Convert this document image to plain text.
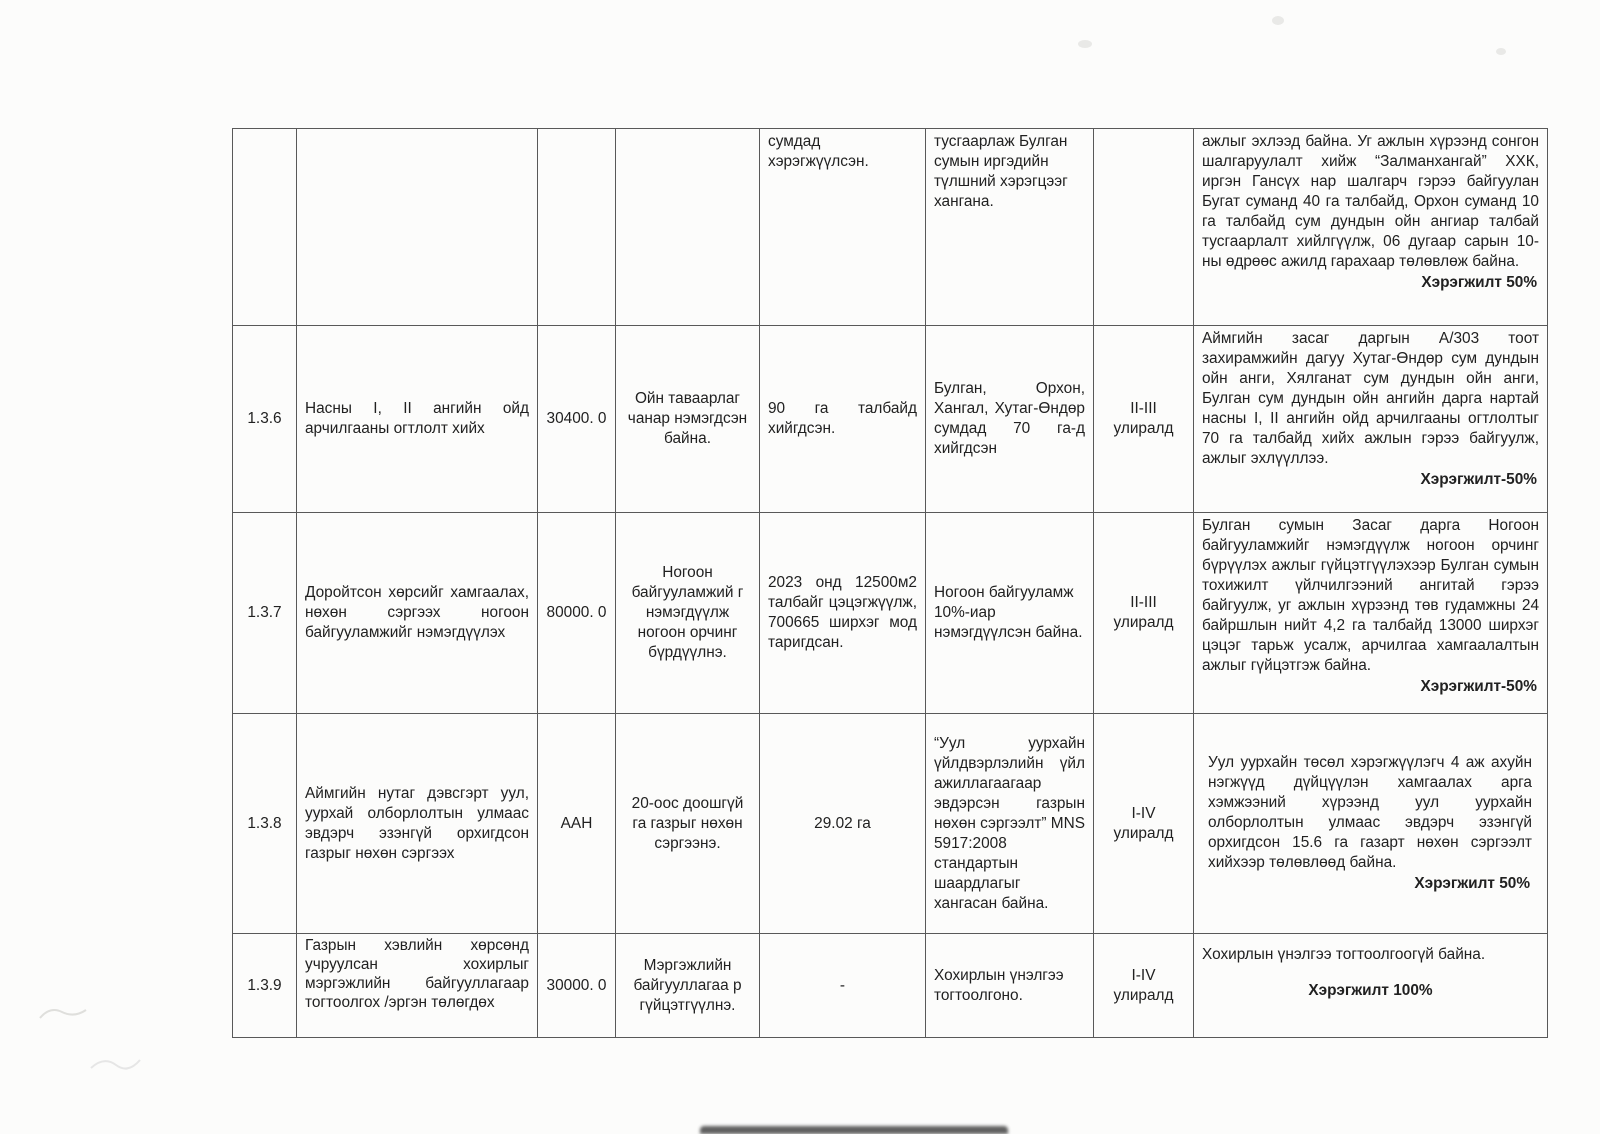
сумдад хэрэгжүүлсэн.
тусгаарлаж Булган сумын иргэдийн түлшний хэрэгцээг хангана.

ажлыг эхлээд байна. Уг ажлын хүрээнд сонгон шалгаруулалт хийж “Залманхангай” ХХК, иргэн Гансүх нар шалгарч гэрээ байгуулан Бугат суманд 40 га талбайд, Орхон суманд 10 га талбайд сум дундын ойн ангиар талбай тусгаарлалт хийлгүүлж, 06 дугаар сарын 10-ны өдрөөс ажилд гарахаар төлөвлөж байна.

Хэрэгжилт 50%
1.3.6
Насны I, II ангийн ойд арчилгааны огтлолт хийх
30400. 0
Ойн таваарлаг чанар нэмэгдсэн байна.
90 га талбайд хийгдсэн.
Булган, Орхон, Хангал, Хутаг-Өндөр сумдад 70 га-д хийгдсэн
II-III улиралд

Аймгийн засаг даргын А/303 тоот захирамжийн дагуу Хутаг-Өндөр сум дундын ойн анги, Хялганат сум дундын ойн анги, Булган сум дундын ойн ангийн дарга нартай насны I, II ангийн ойд арчилгааны огтлолтыг 70 га талбайд хийх ажлын гэрээ байгуулж, ажлыг эхлүүллээ.

Хэрэгжилт-50%
1.3.7
Доройтсон хөрсийг хамгаалах, нөхөн сэргээх ногоон байгууламжийг нэмэгдүүлэх
80000. 0
Ногоон байгууламжий г нэмэгдүүлж ногоон орчинг бүрдүүлнэ.
2023 онд 12500м2 талбайг цэцэгжүүлж, 700665 ширхэг мод таригдсан.
Ногоон байгууламж 10%-иар нэмэгдүүлсэн байна.
II-III улиралд

Булган сумын Засаг дарга Ногоон байгууламжийг нэмэгдүүлж ногоон орчинг бүрүүлэх ажлыг гүйцэтгүүлэхээр Булган сумын тохижилт үйлчилгээний ангитай гэрээ байгуулж, уг ажлын хүрээнд төв гудамжны 24 байршлын нийт 4,2 га талбайд 13000 ширхэг цэцэг тарьж усалж, арчилгаа хамгаалалтын ажлыг гүйцэтгэж байна.

Хэрэгжилт-50%
1.3.8
Аймгийн нутаг дэвсгэрт уул, уурхай олборлолтын улмаас эвдэрч эзэнгүй орхигдсон газрыг нөхөн сэргээх
ААН
20-оос доошгүй га газрыг нөхөн сэргээнэ.
29.02 га
“Уул уурхайн үйлдвэрлэлийн үйл ажиллагаагаар эвдэрсэн газрын нөхөн сэргээлт” MNS 5917:2008 стандартын шаардлагыг хангасан байна.
I-IV улиралд

Уул уурхайн төсөл хэрэгжүүлэгч 4 аж ахуйн нэгжүүд дүйцүүлэн хамгаалах арга хэмжээний хүрээнд уул уурхайн олборлолтын улмаас эвдэрч эзэнгүй орхигдсон 15.6 га газарт нөхөн сэргээлт хийхээр төлөвлөөд байна.

Хэрэгжилт 50%
1.3.9
Газрын хэвлийн хөрсөнд учруулсан хохирлыг мэргэжлийн байгууллагаар тогтоолгох /эргэн төлөгдөх
30000. 0
Мэргэжлийн байгууллагаа р гүйцэтгүүлнэ.
-
Хохирлын үнэлгээ тогтоолгоно.
I-IV улиралд

Хохирлын үнэлгээ тогтоолгоогүй байна.

Хэрэгжилт 100%
